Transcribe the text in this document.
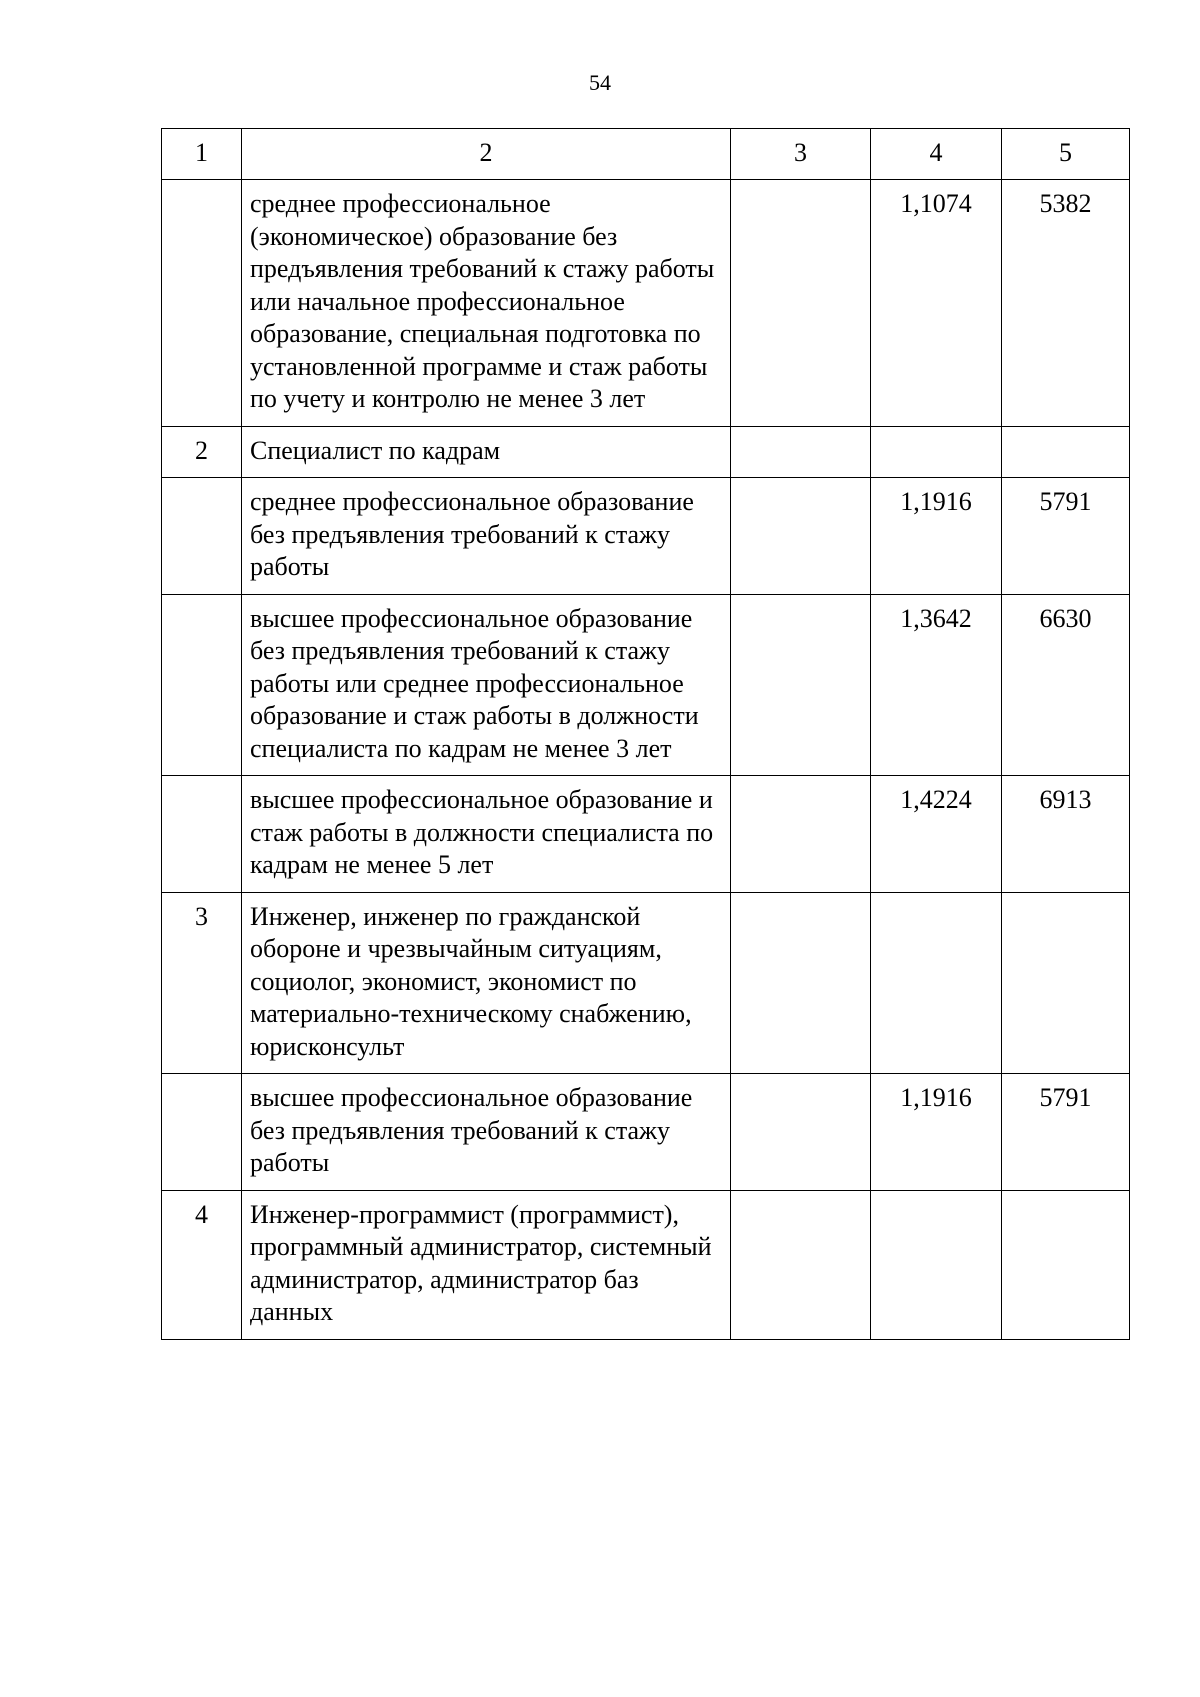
54
1	2	3	4	5
	среднее профессиональное (экономическое) образование без предъявления требований к стажу работы или начальное профессиональное образование, специальная подготовка по установленной программе и стаж работы по учету и контролю не менее 3 лет		1,1074	5382
2	Специалист по кадрам			
	среднее профессиональное образование без предъявления требований к стажу работы		1,1916	5791
	высшее профессиональное образование без предъявления требований к стажу работы или среднее профессиональное образование и стаж работы в должности специалиста по кадрам не менее 3 лет		1,3642	6630
	высшее профессиональное образование и стаж работы в должности специалиста по кадрам не менее 5 лет		1,4224	6913
3	Инженер, инженер по гражданской обороне и чрезвычайным ситуациям, социолог, экономист, экономист по материально-техническому снабжению, юрисконсульт			
	высшее профессиональное образование без предъявления требований к стажу работы		1,1916	5791
4	Инженер-программист (программист), программный администратор, системный администратор, администратор баз данных			
